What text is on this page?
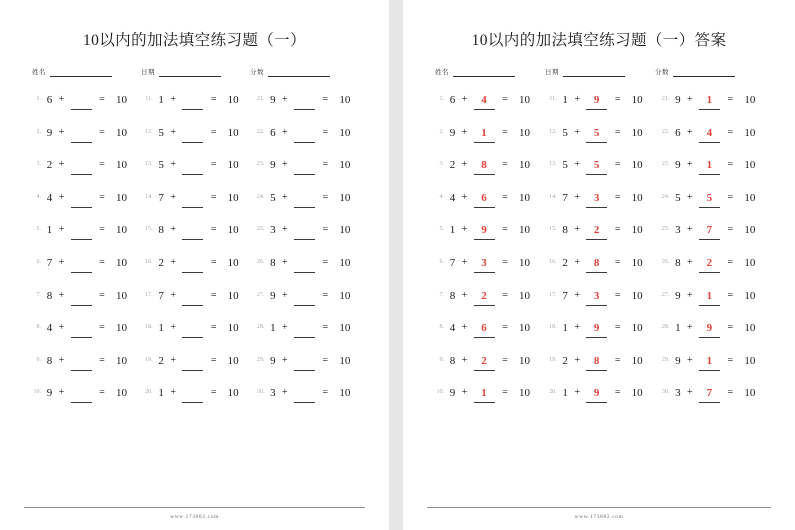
10以内的加法填空练习题（一）
姓名	日期	分数
1. 6 +	=	10
2. 9 +	=	10
3. 2 +	=	10
4. 4 +	=	10
5. 1 +	=	10
6. 7 +	=	10
7. 8 +	=	10
8. 4 +	=	10
9. 8 +	=	10
10. 9 +	=	10
11. 1 +	=	10
12. 5 +	=	10
13. 5 +	=	10
14. 7 +	=	10
15. 8 +	=	10
16. 2 +	=	10
17. 7 +	=	10
18. 1 +	=	10
19. 2 +	=	10
20. 1 +	=	10
21. 9 +	=	10
22. 6 +	=	10
23. 9 +	=	10
24. 5 +	=	10
25. 3 +	=	10
26. 8 +	=	10
27. 9 +	=	10
28. 1 +	=	10
29. 9 +	=	10
30. 3 +	=	10
www.173882.com
10以内的加法填空练习题（一）答案
姓名	日期	分数
1. 6 +	4	=	10
2. 9 +	1	=	10
3. 2 +	8	=	10
4. 4 +	6	=	10
5. 1 +	9	=	10
6. 7 +	3	=	10
7. 8 +	2	=	10
8. 4 +	6	=	10
9. 8 +	2	=	10
10. 9 +	1	=	10
11. 1 +	9	=	10
12. 5 +	5	=	10
13. 5 +	5	=	10
14. 7 +	3	=	10
15. 8 +	2	=	10
16. 2 +	8	=	10
17. 7 +	3	=	10
18. 1 +	9	=	10
19. 2 +	8	=	10
20. 1 +	9	=	10
21. 9 +	1	=	10
22. 6 +	4	=	10
23. 9 +	1	=	10
24. 5 +	5	=	10
25. 3 +	7	=	10
26. 8 +	2	=	10
27. 9 +	1	=	10
28. 1 +	9	=	10
29. 9 +	1	=	10
30. 3 +	7	=	10
www.173882.com
